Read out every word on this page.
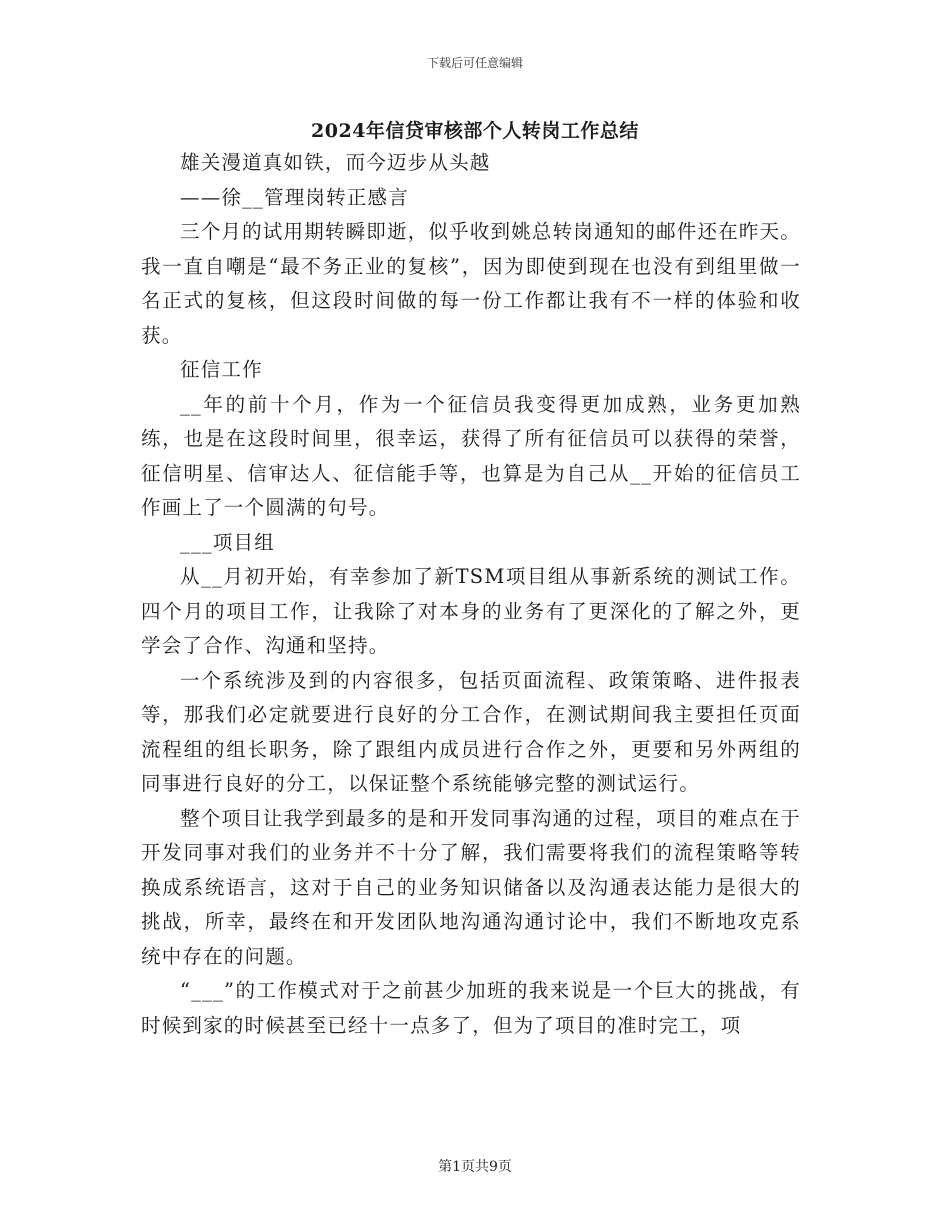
下载后可任意编辑
2024年信贷审核部个人转岗工作总结

雄关漫道真如铁，而今迈步从头越

——徐__管理岗转正感言

三个月的试用期转瞬即逝，似乎收到姚总转岗通知的邮件还在昨天。我一直自嘲是“最不务正业的复核”，因为即使到现在也没有到组里做一名正式的复核，但这段时间做的每一份工作都让我有不一样的体验和收获。

征信工作

__年的前十个月，作为一个征信员我变得更加成熟，业务更加熟练，也是在这段时间里，很幸运，获得了所有征信员可以获得的荣誉，征信明星、信审达人、征信能手等，也算是为自己从__开始的征信员工作画上了一个圆满的句号。

___项目组

从__月初开始，有幸参加了新TSM项目组从事新系统的测试工作。四个月的项目工作，让我除了对本身的业务有了更深化的了解之外，更学会了合作、沟通和坚持。

一个系统涉及到的内容很多，包括页面流程、政策策略、进件报表等，那我们必定就要进行良好的分工合作，在测试期间我主要担任页面流程组的组长职务，除了跟组内成员进行合作之外，更要和另外两组的同事进行良好的分工，以保证整个系统能够完整的测试运行。

整个项目让我学到最多的是和开发同事沟通的过程，项目的难点在于开发同事对我们的业务并不十分了解，我们需要将我们的流程策略等转换成系统语言，这对于自己的业务知识储备以及沟通表达能力是很大的挑战，所幸，最终在和开发团队地沟通沟通讨论中，我们不断地攻克系统中存在的问题。

“___”的工作模式对于之前甚少加班的我来说是一个巨大的挑战，有时候到家的时候甚至已经十一点多了，但为了项目的准时完工，项

第1页共9页
